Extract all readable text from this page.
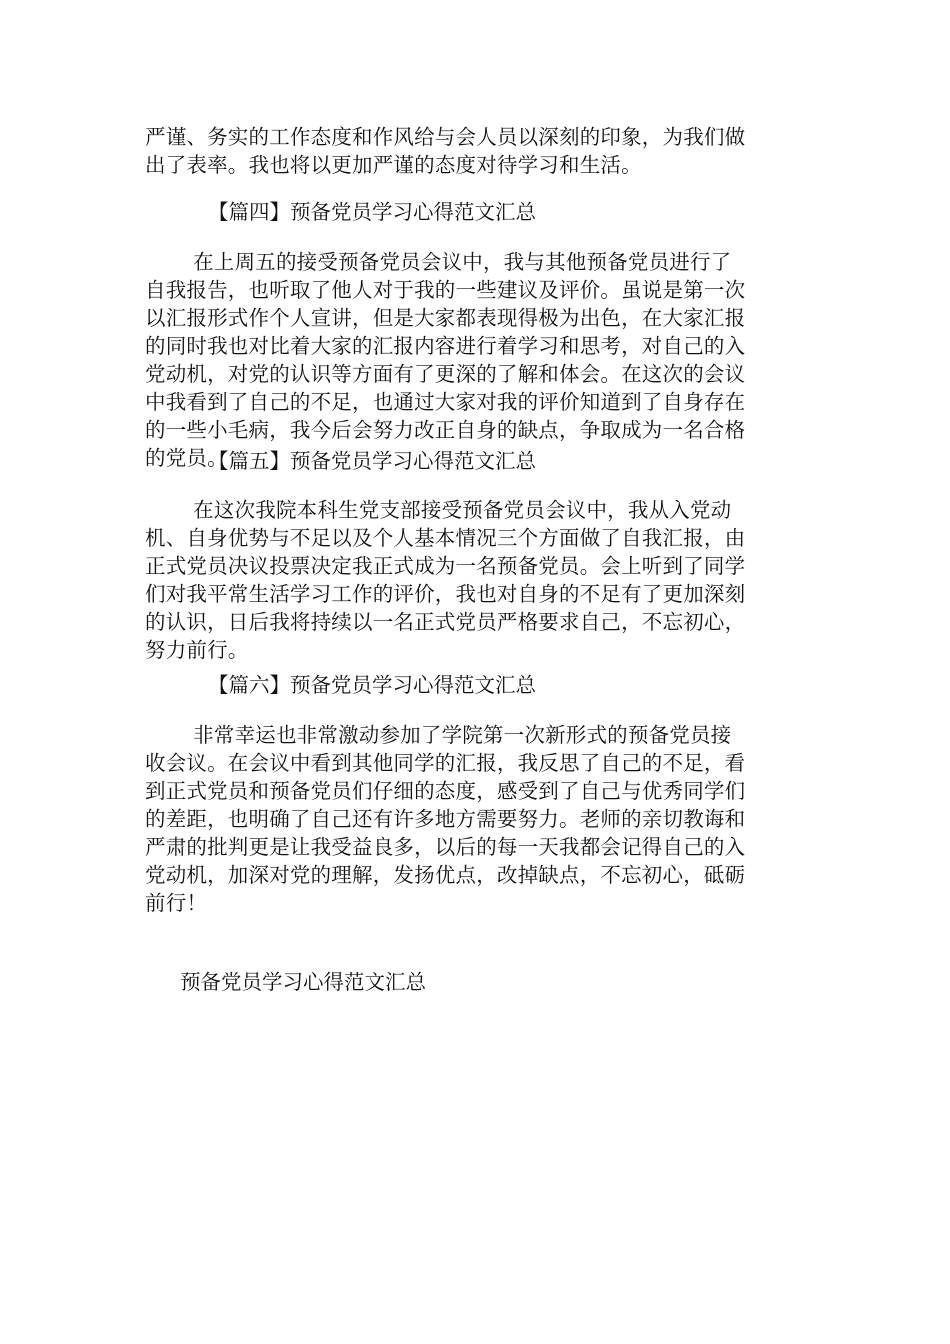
严谨、务实的工作态度和作风给与会人员以深刻的印象，为我们做
出了表率。我也将以更加严谨的态度对待学习和生活。
【篇四】预备党员学习心得范文汇总
在上周五的接受预备党员会议中，我与其他预备党员进行了
自我报告，也听取了他人对于我的一些建议及评价。虽说是第一次
以汇报形式作个人宣讲，但是大家都表现得极为出色，在大家汇报
的同时我也对比着大家的汇报内容进行着学习和思考，对自己的入
党动机，对党的认识等方面有了更深的了解和体会。在这次的会议
中我看到了自己的不足，也通过大家对我的评价知道到了自身存在
的一些小毛病，我今后会努力改正自身的缺点，争取成为一名合格
的党员。
【篇五】预备党员学习心得范文汇总
在这次我院本科生党支部接受预备党员会议中，我从入党动
机、自身优势与不足以及个人基本情况三个方面做了自我汇报，由
正式党员决议投票决定我正式成为一名预备党员。会上听到了同学
们对我平常生活学习工作的评价，我也对自身的不足有了更加深刻
的认识，日后我将持续以一名正式党员严格要求自己，不忘初心，
努力前行。
【篇六】预备党员学习心得范文汇总
非常幸运也非常激动参加了学院第一次新形式的预备党员接
收会议。在会议中看到其他同学的汇报，我反思了自己的不足，看
到正式党员和预备党员们仔细的态度，感受到了自己与优秀同学们
的差距，也明确了自己还有许多地方需要努力。老师的亲切教诲和
严肃的批判更是让我受益良多，以后的每一天我都会记得自己的入
党动机，加深对党的理解，发扬优点，改掉缺点，不忘初心，砥砺
前行！
预备党员学习心得范文汇总
